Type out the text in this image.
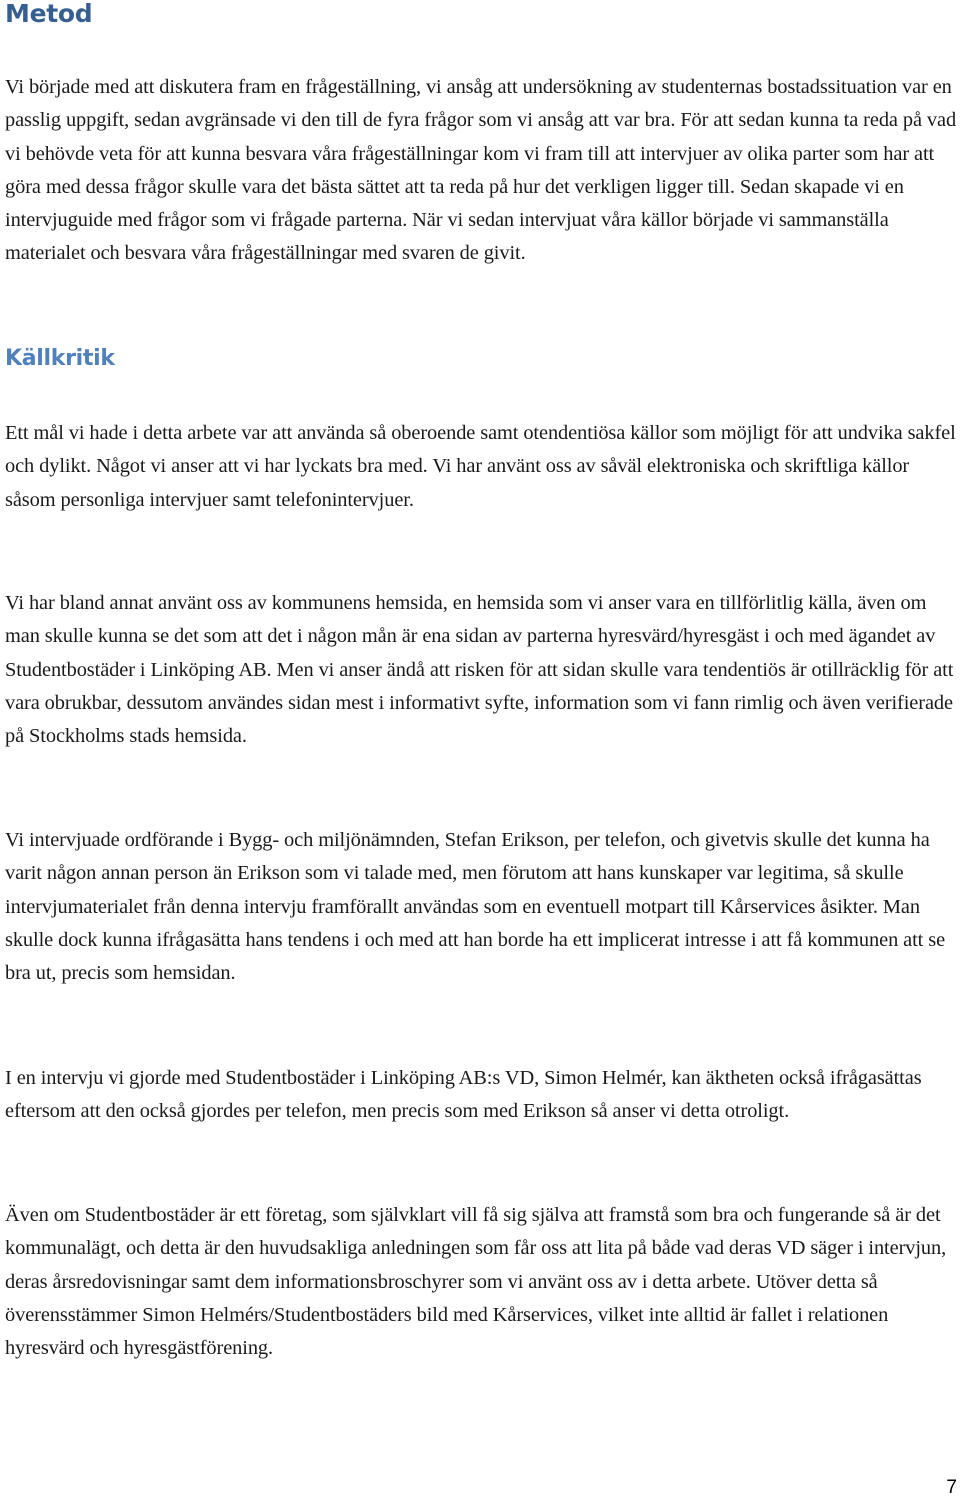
Metod

Vi började med att diskutera fram en frågeställning, vi ansåg att undersökning av studenternas bostadssituation var en passlig uppgift, sedan avgränsade vi den till de fyra frågor som vi ansåg att var bra. För att sedan kunna ta reda på vad vi behövde veta för att kunna besvara våra frågeställningar kom vi fram till att intervjuer av olika parter som har att göra med dessa frågor skulle vara det bästa sättet att ta reda på hur det verkligen ligger till. Sedan skapade vi en intervjuguide med frågor som vi frågade parterna. När vi sedan intervjuat våra källor började vi sammanställa materialet och besvara våra frågeställningar med svaren de givit.

Källkritik

Ett mål vi hade i detta arbete var att använda så oberoende samt otendentiösa källor som möjligt för att undvika sakfel och dylikt. Något vi anser att vi har lyckats bra med. Vi har använt oss av såväl elektroniska och skriftliga källor såsom personliga intervjuer samt telefonintervjuer.

Vi har bland annat använt oss av kommunens hemsida, en hemsida som vi anser vara en tillförlitlig källa, även om man skulle kunna se det som att det i någon mån är ena sidan av parterna hyresvärd/hyresgäst i och med ägandet av Studentbostäder i Linköping AB. Men vi anser ändå att risken för att sidan skulle vara tendentiös är otillräcklig för att vara obrukbar, dessutom användes sidan mest i informativt syfte, information som vi fann rimlig och även verifierade på Stockholms stads hemsida.

Vi intervjuade ordförande i Bygg- och miljönämnden, Stefan Erikson, per telefon, och givetvis skulle det kunna ha varit någon annan person än Erikson som vi talade med, men förutom att hans kunskaper var legitima, så skulle intervjumaterialet från denna intervju framförallt användas som en eventuell motpart till Kårservices åsikter. Man skulle dock kunna ifrågasätta hans tendens i och med att han borde ha ett implicerat intresse i att få kommunen att se bra ut, precis som hemsidan.

I en intervju vi gjorde med Studentbostäder i Linköping AB:s VD, Simon Helmér, kan äktheten också ifrågasättas eftersom att den också gjordes per telefon, men precis som med Erikson så anser vi detta otroligt.

Även om Studentbostäder är ett företag, som självklart vill få sig själva att framstå som bra och fungerande så är det kommunalägt, och detta är den huvudsakliga anledningen som får oss att lita på både vad deras VD säger i intervjun, deras årsredovisningar samt dem informationsbroschyrer som vi använt oss av i detta arbete. Utöver detta så överensstämmer Simon Helmérs/Studentbostäders bild med Kårservices, vilket inte alltid är fallet i relationen hyresvärd och hyresgästförening.

7
